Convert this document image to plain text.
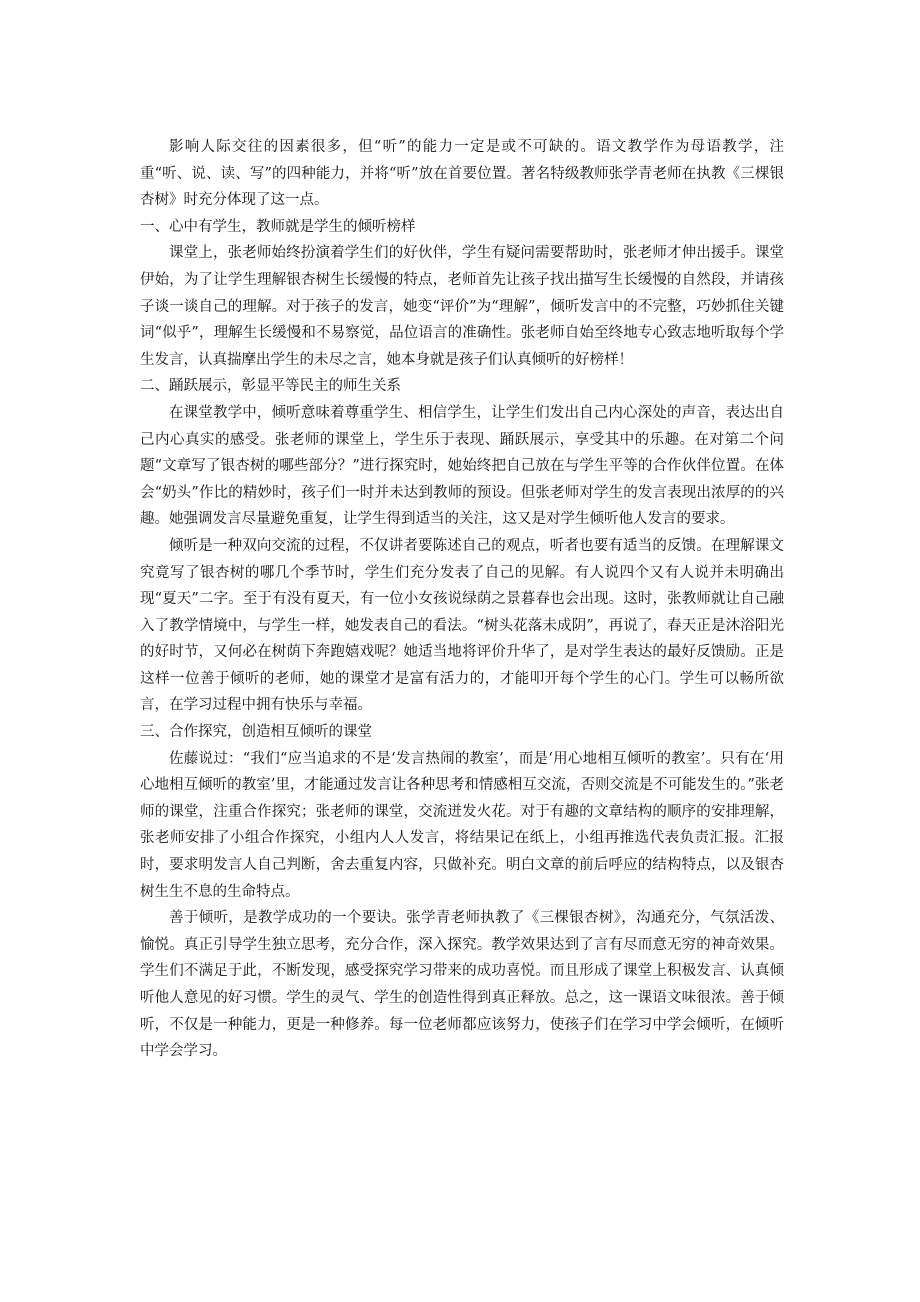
影响人际交往的因素很多，但“听”的能力一定是或不可缺的。语文教学作为母语教学，注重“听、说、读、写”的四种能力，并将“听”放在首要位置。著名特级教师张学青老师在执教《三棵银杏树》时充分体现了这一点。

一、心中有学生，教师就是学生的倾听榜样

课堂上，张老师始终扮演着学生们的好伙伴，学生有疑问需要帮助时，张老师才伸出援手。课堂伊始，为了让学生理解银杏树生长缓慢的特点，老师首先让孩子找出描写生长缓慢的自然段，并请孩子谈一谈自己的理解。对于孩子的发言，她变“评价”为“理解”，倾听发言中的不完整，巧妙抓住关键词“似乎”，理解生长缓慢和不易察觉，品位语言的准确性。张老师自始至终地专心致志地听取每个学生发言，认真揣摩出学生的未尽之言，她本身就是孩子们认真倾听的好榜样！

二、踊跃展示，彰显平等民主的师生关系

在课堂教学中，倾听意味着尊重学生、相信学生，让学生们发出自己内心深处的声音，表达出自己内心真实的感受。张老师的课堂上，学生乐于表现、踊跃展示，享受其中的乐趣。在对第二个问题“文章写了银杏树的哪些部分？”进行探究时，她始终把自己放在与学生平等的合作伙伴位置。在体会“奶头”作比的精妙时，孩子们一时并未达到教师的预设。但张老师对学生的发言表现出浓厚的的兴趣。她强调发言尽量避免重复，让学生得到适当的关注，这又是对学生倾听他人发言的要求。

倾听是一种双向交流的过程，不仅讲者要陈述自己的观点，听者也要有适当的反馈。在理解课文究竟写了银杏树的哪几个季节时，学生们充分发表了自己的见解。有人说四个又有人说并未明确出现“夏天”二字。至于有没有夏天，有一位小女孩说绿荫之景暮春也会出现。这时，张教师就让自己融入了教学情境中，与学生一样，她发表自己的看法。“树头花落未成阴”，再说了，春天正是沐浴阳光的好时节，又何必在树荫下奔跑嬉戏呢？她适当地将评价升华了，是对学生表达的最好反馈励。正是这样一位善于倾听的老师，她的课堂才是富有活力的，才能叩开每个学生的心门。学生可以畅所欲言，在学习过程中拥有快乐与幸福。

三、合作探究，创造相互倾听的课堂

佐藤说过：“我们“应当追求的不是‘发言热闹的教室’，而是‘用心地相互倾听的教室’。只有在‘用心地相互倾听的教室’里，才能通过发言让各种思考和情感相互交流，否则交流是不可能发生的。”张老师的课堂，注重合作探究；张老师的课堂，交流迸发火花。对于有趣的文章结构的顺序的安排理解，张老师安排了小组合作探究，小组内人人发言，将结果记在纸上，小组再推选代表负责汇报。汇报时，要求明发言人自己判断，舍去重复内容，只做补充。明白文章的前后呼应的结构特点，以及银杏树生生不息的生命特点。

善于倾听，是教学成功的一个要诀。张学青老师执教了《三棵银杏树》，沟通充分，气氛活泼、愉悦。真正引导学生独立思考，充分合作，深入探究。教学效果达到了言有尽而意无穷的神奇效果。学生们不满足于此，不断发现，感受探究学习带来的成功喜悦。而且形成了课堂上积极发言、认真倾听他人意见的好习惯。学生的灵气、学生的创造性得到真正释放。总之，这一课语文味很浓。善于倾听，不仅是一种能力，更是一种修养。每一位老师都应该努力，使孩子们在学习中学会倾听，在倾听中学会学习。
